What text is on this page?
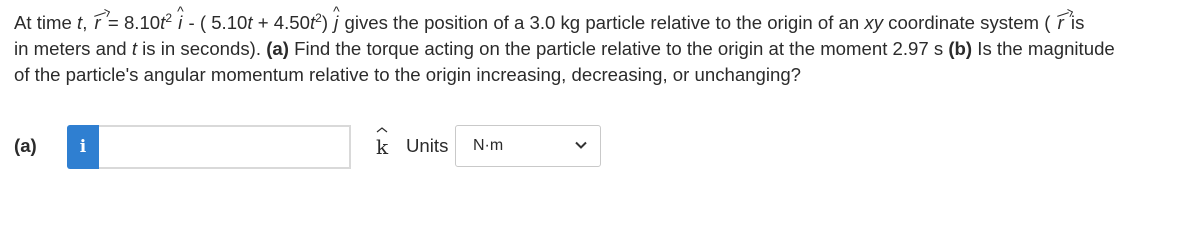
At time t, $r = 8.10t^2$ ^ i - ( $5.10t + 4.50t^2$) ^ j gives the position of a 3.0 kg particle relative to the origin of an xy coordinate system ( r is

in meters and t is in seconds). (a) Find the torque acting on the particle relative to the origin at the moment 2.97 s (b) Is the magnitude

of the particle's angular momentum relative to the origin increasing, decreasing, or unchanging?

(a)	i	k Units N·m
